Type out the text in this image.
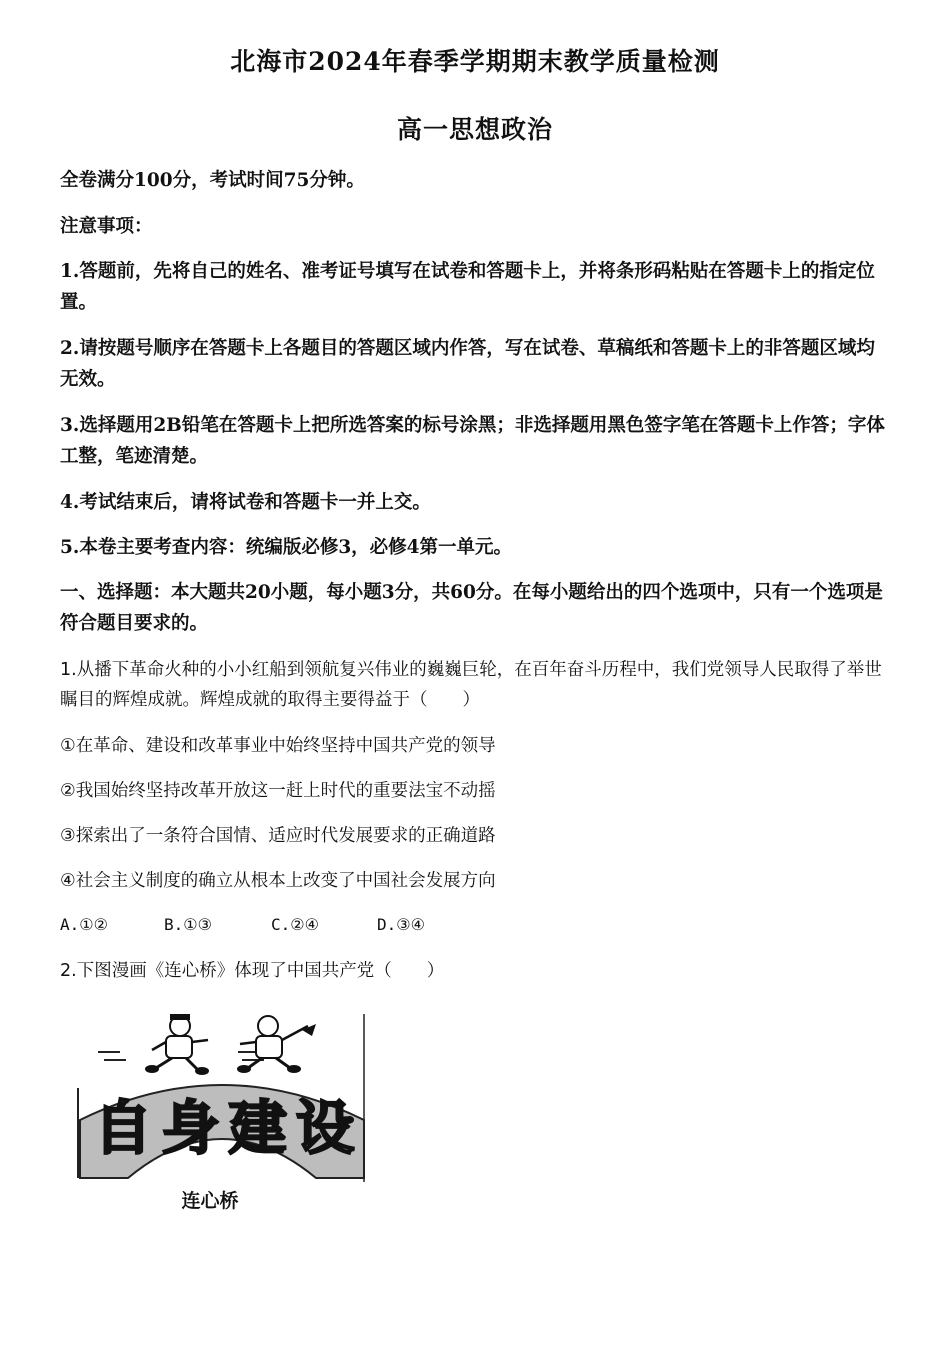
北海市2024年春季学期期末教学质量检测
高一思想政治

全卷满分100分，考试时间75分钟。

注意事项：

1.答题前，先将自己的姓名、准考证号填写在试卷和答题卡上，并将条形码粘贴在答题卡上的指定位置。

2.请按题号顺序在答题卡上各题目的答题区域内作答，写在试卷、草稿纸和答题卡上的非答题区域均无效。

3.选择题用2B铅笔在答题卡上把所选答案的标号涂黑；非选择题用黑色签字笔在答题卡上作答；字体工整，笔迹清楚。

4.考试结束后，请将试卷和答题卡一并上交。

5.本卷主要考查内容：统编版必修3，必修4第一单元。

一、选择题：本大题共20小题，每小题3分，共60分。在每小题给出的四个选项中，只有一个选项是符合题目要求的。

1.从播下革命火种的小小红船到领航复兴伟业的巍巍巨轮，在百年奋斗历程中，我们党领导人民取得了举世瞩目的辉煌成就。辉煌成就的取得主要得益于（　　）

①在革命、建设和改革事业中始终坚持中国共产党的领导

②我国始终坚持改革开放这一赶上时代的重要法宝不动摇

③探索出了一条符合国情、适应时代发展要求的正确道路

④社会主义制度的确立从根本上改变了中国社会发展方向

A.①②	B.①③	C.②④	D.③④

2.下图漫画《连心桥》体现了中国共产党（　　）

自身建设
连心桥
